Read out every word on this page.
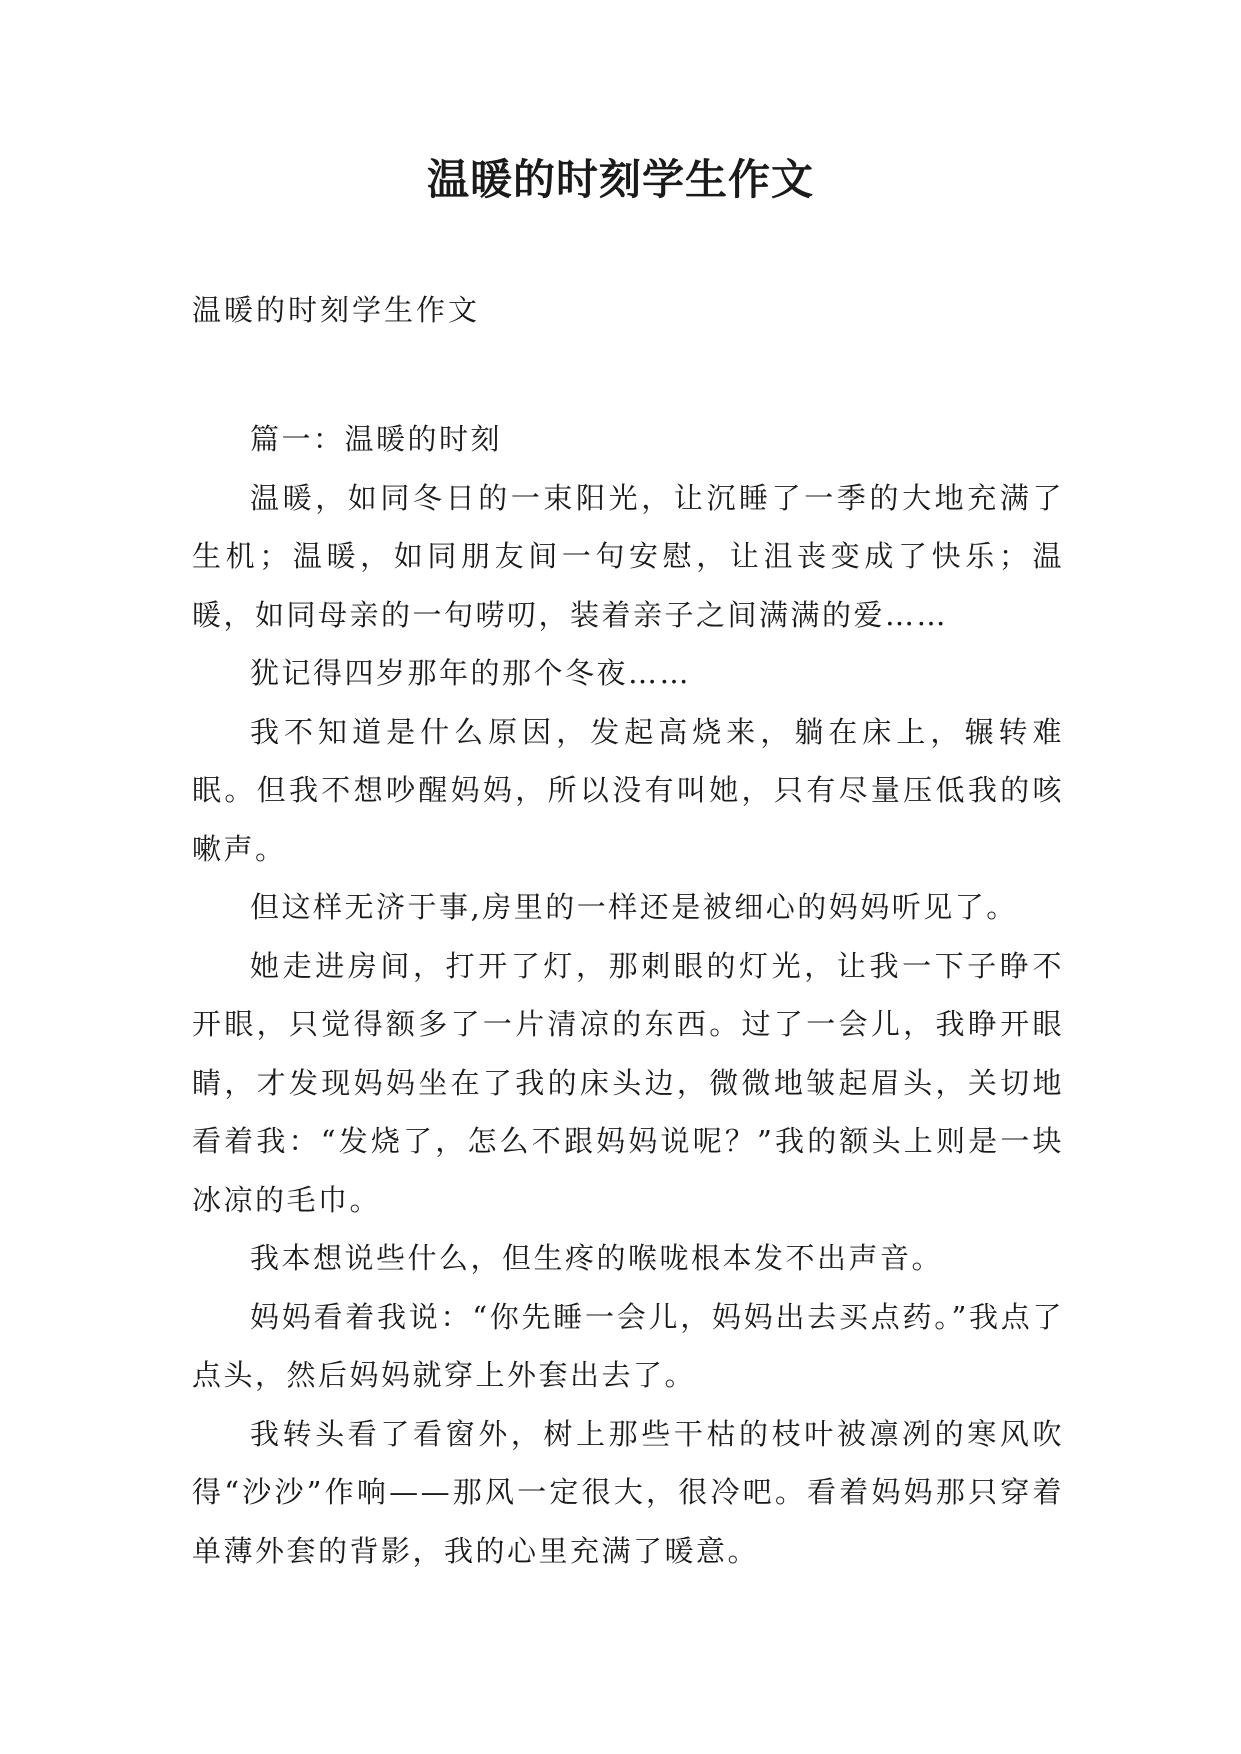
温暖的时刻学生作文

温暖的时刻学生作文

篇一：温暖的时刻

温暖，如同冬日的一束阳光，让沉睡了一季的大地充满了生机；温暖，如同朋友间一句安慰，让沮丧变成了快乐；温暖，如同母亲的一句唠叨，装着亲子之间满满的爱……

犹记得四岁那年的那个冬夜……

我不知道是什么原因，发起高烧来，躺在床上，辗转难眠。但我不想吵醒妈妈，所以没有叫她，只有尽量压低我的咳嗽声。

但这样无济于事,房里的一样还是被细心的妈妈听见了。

她走进房间，打开了灯，那刺眼的灯光，让我一下子睁不开眼，只觉得额多了一片清凉的东西。过了一会儿，我睁开眼睛，才发现妈妈坐在了我的床头边，微微地皱起眉头，关切地看着我：“发烧了，怎么不跟妈妈说呢？”我的额头上则是一块冰凉的毛巾。

我本想说些什么，但生疼的喉咙根本发不出声音。

妈妈看着我说：“你先睡一会儿，妈妈出去买点药。”我点了点头，然后妈妈就穿上外套出去了。

我转头看了看窗外，树上那些干枯的枝叶被凛冽的寒风吹得“沙沙”作响——那风一定很大，很冷吧。看着妈妈那只穿着单薄外套的背影，我的心里充满了暖意。
